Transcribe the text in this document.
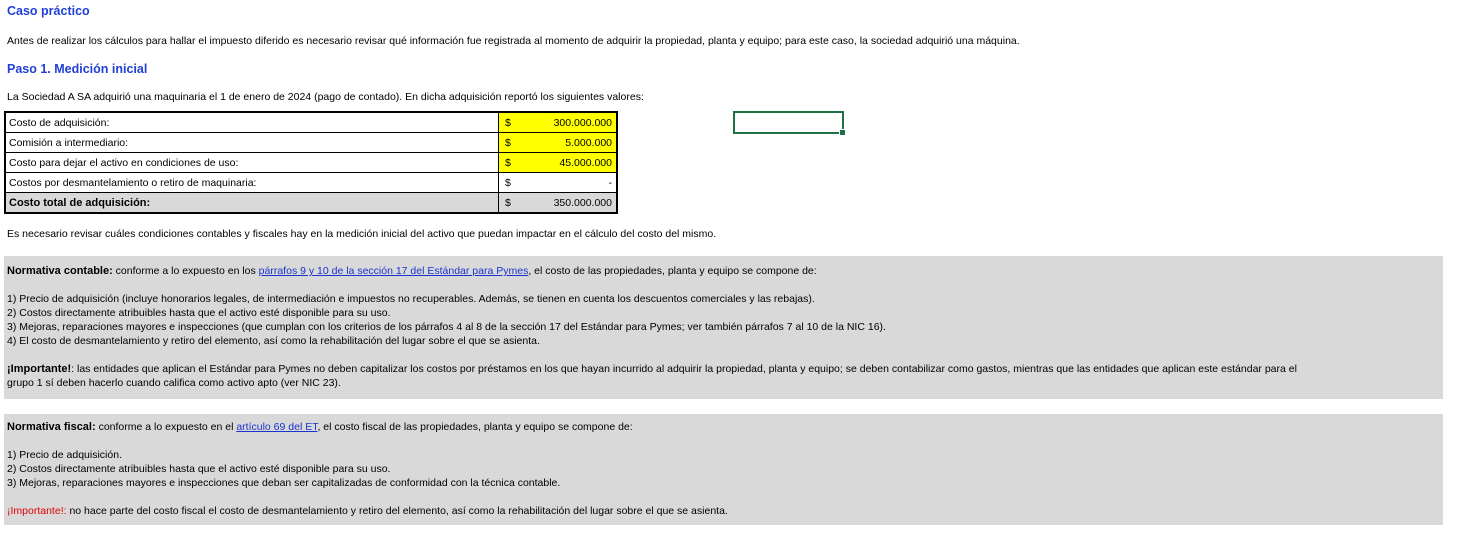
Caso práctico
Antes de realizar los cálculos para hallar el impuesto diferido es necesario revisar qué información fue registrada al momento de adquirir la propiedad, planta y equipo; para este caso, la sociedad adquirió una máquina.
Paso 1. Medición inicial
La Sociedad A SA adquirió una maquinaria el 1 de enero de 2024 (pago de contado). En dicha adquisición reportó los siguientes valores:
Costo de adquisición:	$	300.000.000
Comisión a intermediario:	$	5.000.000
Costo para dejar el activo en condiciones de uso:	$	45.000.000
Costos por desmantelamiento o retiro de maquinaria:	$	-
Costo total de adquisición:	$	350.000.000
Es necesario revisar cuáles condiciones contables y fiscales hay en la medición inicial del activo que puedan impactar en el cálculo del costo del mismo.
Normativa contable: conforme a lo expuesto en los párrafos 9 y 10 de la sección 17 del Estándar para Pymes, el costo de las propiedades, planta y equipo se compone de:
1) Precio de adquisición (incluye honorarios legales, de intermediación e impuestos no recuperables. Además, se tienen en cuenta los descuentos comerciales y las rebajas).
2) Costos directamente atribuibles hasta que el activo esté disponible para su uso.
3) Mejoras, reparaciones mayores e inspecciones (que cumplan con los criterios de los párrafos 4 al 8 de la sección 17 del Estándar para Pymes; ver también párrafos 7 al 10 de la NIC 16).
4) El costo de desmantelamiento y retiro del elemento, así como la rehabilitación del lugar sobre el que se asienta.
¡Importante!: las entidades que aplican el Estándar para Pymes no deben capitalizar los costos por préstamos en los que hayan incurrido al adquirir la propiedad, planta y equipo; se deben contabilizar como gastos, mientras que las entidades que aplican este estándar para el
grupo 1 sí deben hacerlo cuando califica como activo apto (ver NIC 23).
Normativa fiscal: conforme a lo expuesto en el artículo 69 del ET, el costo fiscal de las propiedades, planta y equipo se compone de:
1) Precio de adquisición.
2) Costos directamente atribuibles hasta que el activo esté disponible para su uso.
3) Mejoras, reparaciones mayores e inspecciones que deban ser capitalizadas de conformidad con la técnica contable.
¡Importante!: no hace parte del costo fiscal el costo de desmantelamiento y retiro del elemento, así como la rehabilitación del lugar sobre el que se asienta.
